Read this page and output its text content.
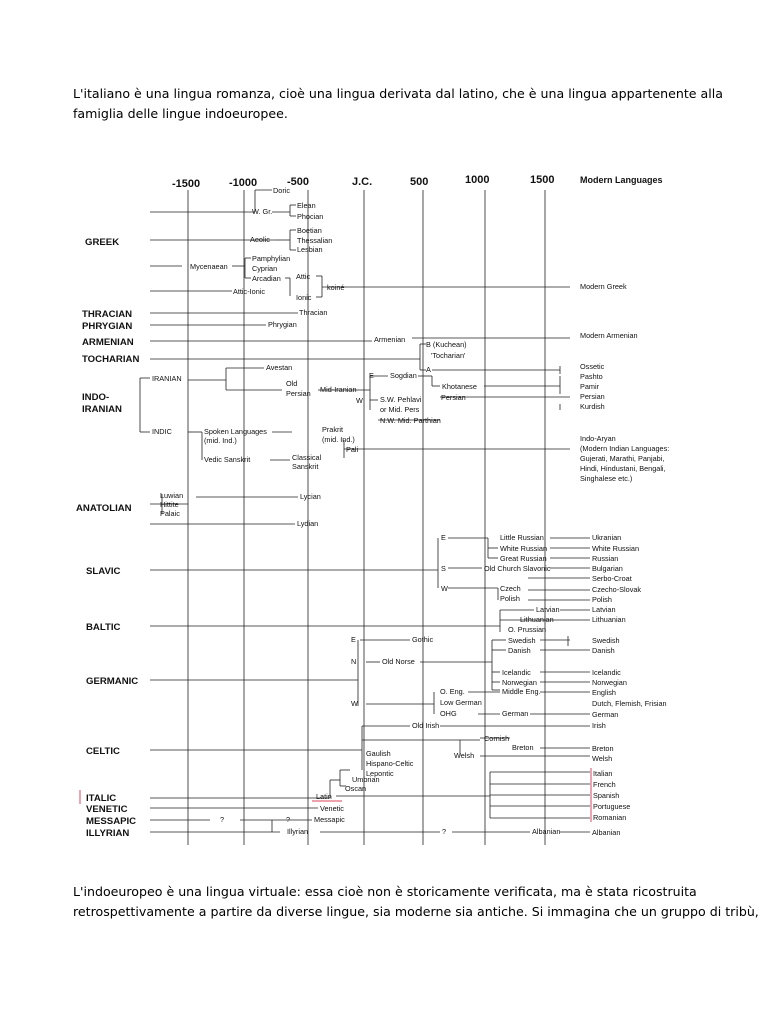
L'italiano è una lingua romanza, cioè una lingua derivata dal latino, che è una lingua appartenente alla
famiglia delle lingue indoeuropee.
-1500	-1000	-500	J.C.	500	1000	1500	Modern Languages
GREEK
THRACIAN
PHRYGIAN
ARMENIAN
TOCHARIAN
INDO-
IRANIAN
ANATOLIAN
SLAVIC
BALTIC
GERMANIC
CELTIC
ITALIC
VENETIC
MESSAPIC
ILLYRIAN
Doric
W. Gr.
Elean
Phocian
Aeolic
Boetian
Thessalian
Lesbian
Mycenaean
Pamphylian
Cyprian
Arcadian Attic
koiné
Attic-Ionic
Ionic
Modern Greek
Thracian
Phrygian
Armenian	Modern Armenian
B (Kuchean)
'Tocharian'
A
IRANIAN
Avestan
Old
Persian Mid-Iranian
E Sogdian
W
Khotanese
S.W. Pehlavi
or Mid. Pers
Persian
N.W. Mid. Parthian
Ossetic
Pashto
Pamir
Persian
Kurdish
INDIC	Spoken Languages
(mid. Ind.)
Vedic Sanskrit
Prakrit
(mid. Ind.)
Pali
Classical
Sanskrit
Indo-Aryan
(Modern Indian Languages:
Gujerati, Marathi, Panjabi,
Hindi, Hindustani, Bengali,
Singhalese etc.)
Luwian
Hittite
Palaic
Lycian
Lydian
E
S
W
Little Russian
White Russian
Great Russian
Old Church Slavonic
Czech
Polish
Ukranian
White Russian
Russian
Bulgarian
Serbo-Croat
Czecho-Slovak
Polish
Latvian
Lithuanian
O. Prussian
Latvian
Lithuanian
E
N
W
Gothic
Old Norse
Swedish
Danish
Icelandic
Norwegian
Middle Eng.
O. Eng.
Low German
OHG	German
Swedish
Danish
Icelandic
Norwegian
English
Dutch, Flemish, Frisian
German
Old Irish	Irish
Cornish
Breton
Welsh
Gaulish
Hispano-Celtic
Lepontic
Breton
Welsh
Umbrian
Oscan
Latin
Venetic
?	?	Messapic
Illyrian	?	Albanian
Italian
French
Spanish
Portuguese
Romanian
Albanian
L'indoeuropeo è una lingua virtuale: essa cioè non è storicamente verificata, ma è stata ricostruita
retrospettivamente a partire da diverse lingue, sia moderne sia antiche. Si immagina che un gruppo di tribù,
